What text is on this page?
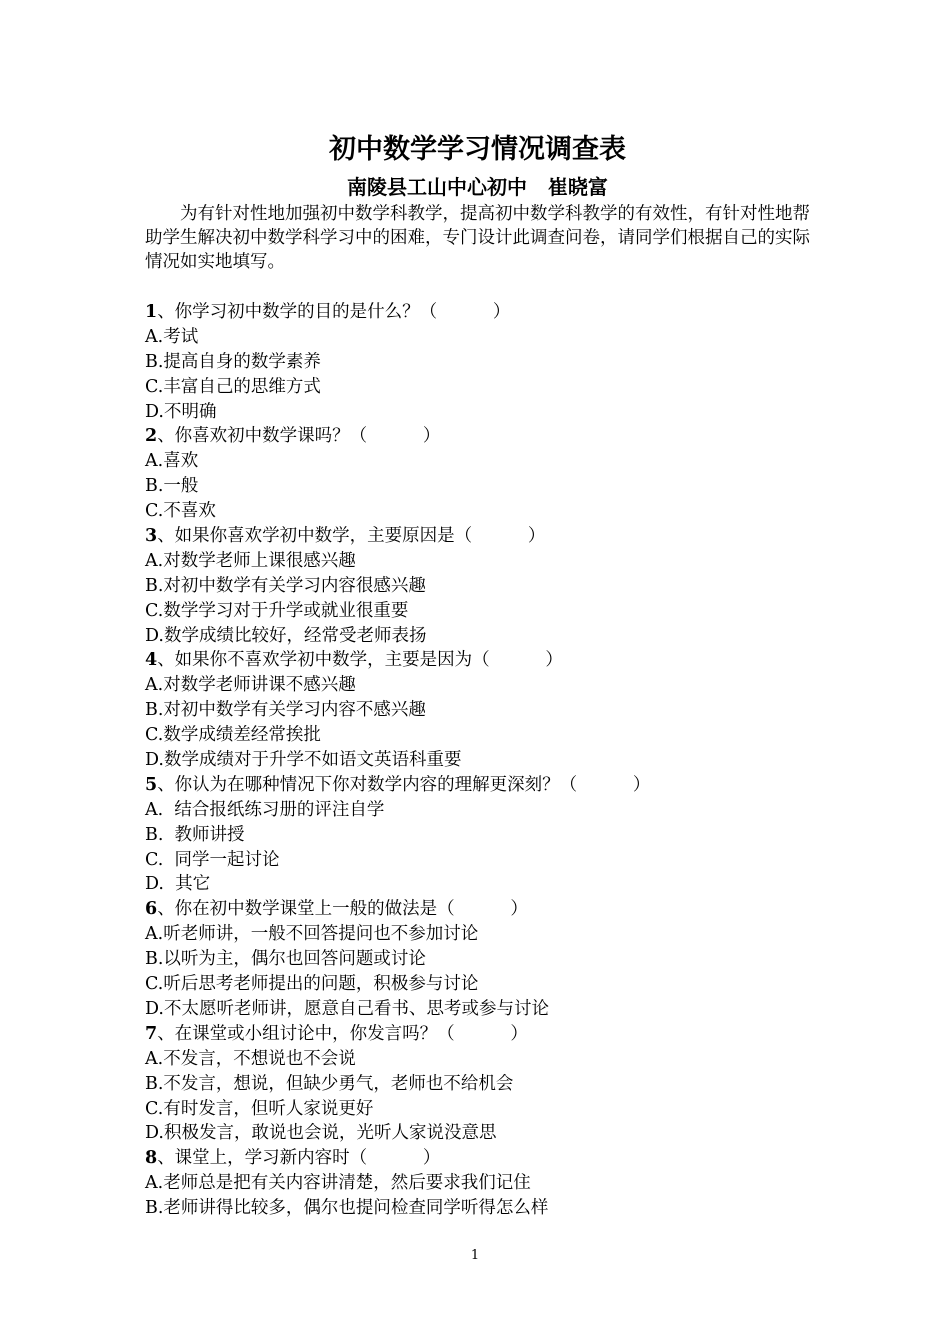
初中数学学习情况调查表
南陵县工山中心初中   崔晓富

为有针对性地加强初中数学科教学，提高初中数学科教学的有效性，有针对性地帮助学生解决初中数学科学习中的困难，专门设计此调查问卷，请同学们根据自己的实际情况如实地填写。

1、你学习初中数学的目的是什么？（          ）
A.考试
B.提高自身的数学素养
C.丰富自己的思维方式
D.不明确
2、你喜欢初中数学课吗？（          ）
A.喜欢
B.一般
C.不喜欢
3、如果你喜欢学初中数学，主要原因是（          ）
A.对数学老师上课很感兴趣
B.对初中数学有关学习内容很感兴趣
C.数学学习对于升学或就业很重要
D.数学成绩比较好，经常受老师表扬
4、如果你不喜欢学初中数学，主要是因为（          ）
A.对数学老师讲课不感兴趣
B.对初中数学有关学习内容不感兴趣
C.数学成绩差经常挨批
D.数学成绩对于升学不如语文英语科重要
5、你认为在哪种情况下你对数学内容的理解更深刻？（          ）
A.  结合报纸练习册的评注自学
B.  教师讲授
C.  同学一起讨论
D.  其它
6、你在初中数学课堂上一般的做法是（          ）
A.听老师讲，一般不回答提问也不参加讨论
B.以听为主，偶尔也回答问题或讨论
C.听后思考老师提出的问题，积极参与讨论
D.不太愿听老师讲，愿意自己看书、思考或参与讨论
7、在课堂或小组讨论中，你发言吗？（          ）
A.不发言，不想说也不会说
B.不发言，想说，但缺少勇气，老师也不给机会
C.有时发言，但听人家说更好
D.积极发言，敢说也会说，光听人家说没意思
8、课堂上，学习新内容时（          ）
A.老师总是把有关内容讲清楚，然后要求我们记住
B.老师讲得比较多，偶尔也提问检查同学听得怎么样
1
